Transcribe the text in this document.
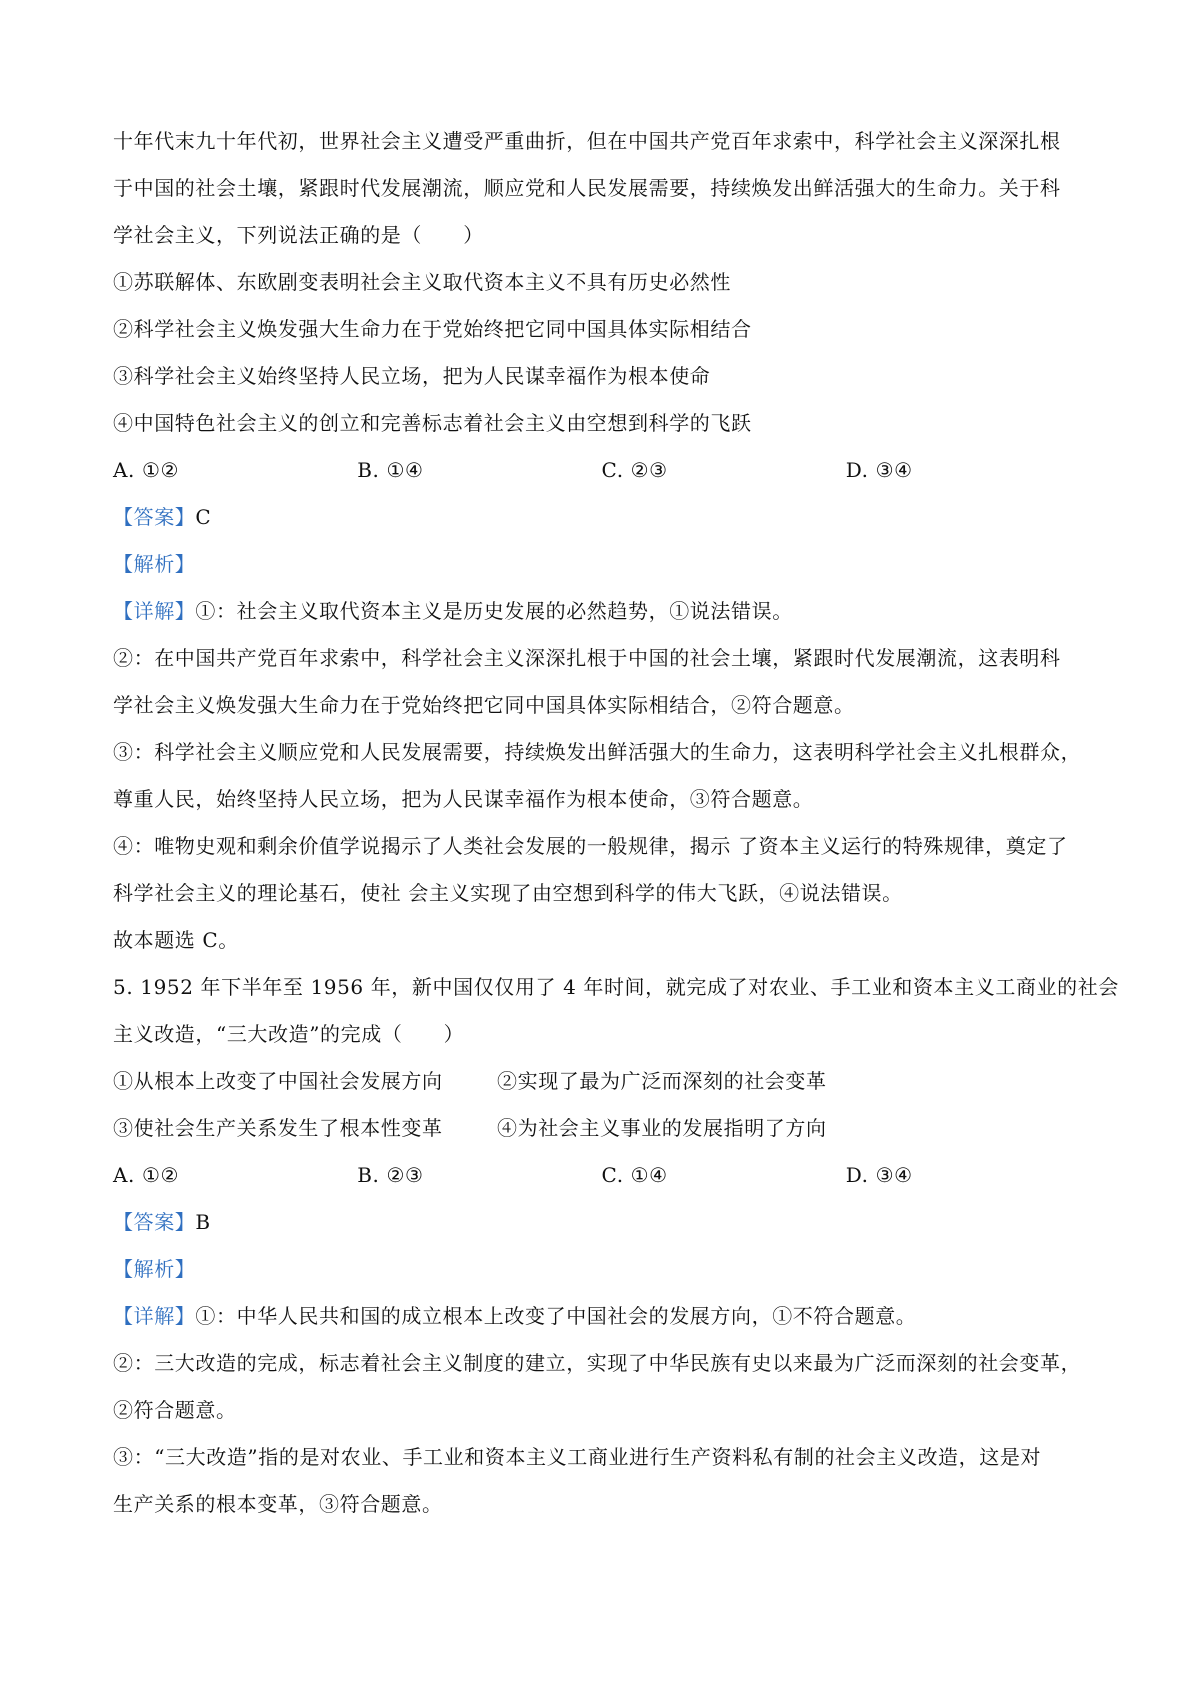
十年代末九十年代初，世界社会主义遭受严重曲折，但在中国共产党百年求索中，科学社会主义深深扎根
于中国的社会土壤，紧跟时代发展潮流，顺应党和人民发展需要，持续焕发出鲜活强大的生命力。关于科
学社会主义，下列说法正确的是（　　）
①苏联解体、东欧剧变表明社会主义取代资本主义不具有历史必然性
②科学社会主义焕发强大生命力在于党始终把它同中国具体实际相结合
③科学社会主义始终坚持人民立场，把为人民谋幸福作为根本使命
④中国特色社会主义的创立和完善标志着社会主义由空想到科学的飞跃
A. ①②	B. ①④	C. ②③	D. ③④
【答案】C
【解析】
【详解】①：社会主义取代资本主义是历史发展的必然趋势，①说法错误。
②：在中国共产党百年求索中，科学社会主义深深扎根于中国的社会土壤，紧跟时代发展潮流，这表明科
学社会主义焕发强大生命力在于党始终把它同中国具体实际相结合，②符合题意。
③：科学社会主义顺应党和人民发展需要，持续焕发出鲜活强大的生命力，这表明科学社会主义扎根群众，
尊重人民，始终坚持人民立场，把为人民谋幸福作为根本使命，③符合题意。
④：唯物史观和剩余价值学说揭示了人类社会发展的一般规律，揭示 了资本主义运行的特殊规律，奠定了
科学社会主义的理论基石，使社 会主义实现了由空想到科学的伟大飞跃，④说法错误。
故本题选 C。
5. 1952 年下半年至 1956 年，新中国仅仅用了 4 年时间，就完成了对农业、手工业和资本主义工商业的社会
主义改造，“三大改造”的完成（　　）
①从根本上改变了中国社会发展方向	②实现了最为广泛而深刻的社会变革
③使社会生产关系发生了根本性变革	④为社会主义事业的发展指明了方向
A. ①②	B. ②③	C. ①④	D. ③④
【答案】B
【解析】
【详解】①：中华人民共和国的成立根本上改变了中国社会的发展方向，①不符合题意。
②：三大改造的完成，标志着社会主义制度的建立，实现了中华民族有史以来最为广泛而深刻的社会变革，
②符合题意。
③：“三大改造”指的是对农业、手工业和资本主义工商业进行生产资料私有制的社会主义改造，这是对
生产关系的根本变革，③符合题意。
